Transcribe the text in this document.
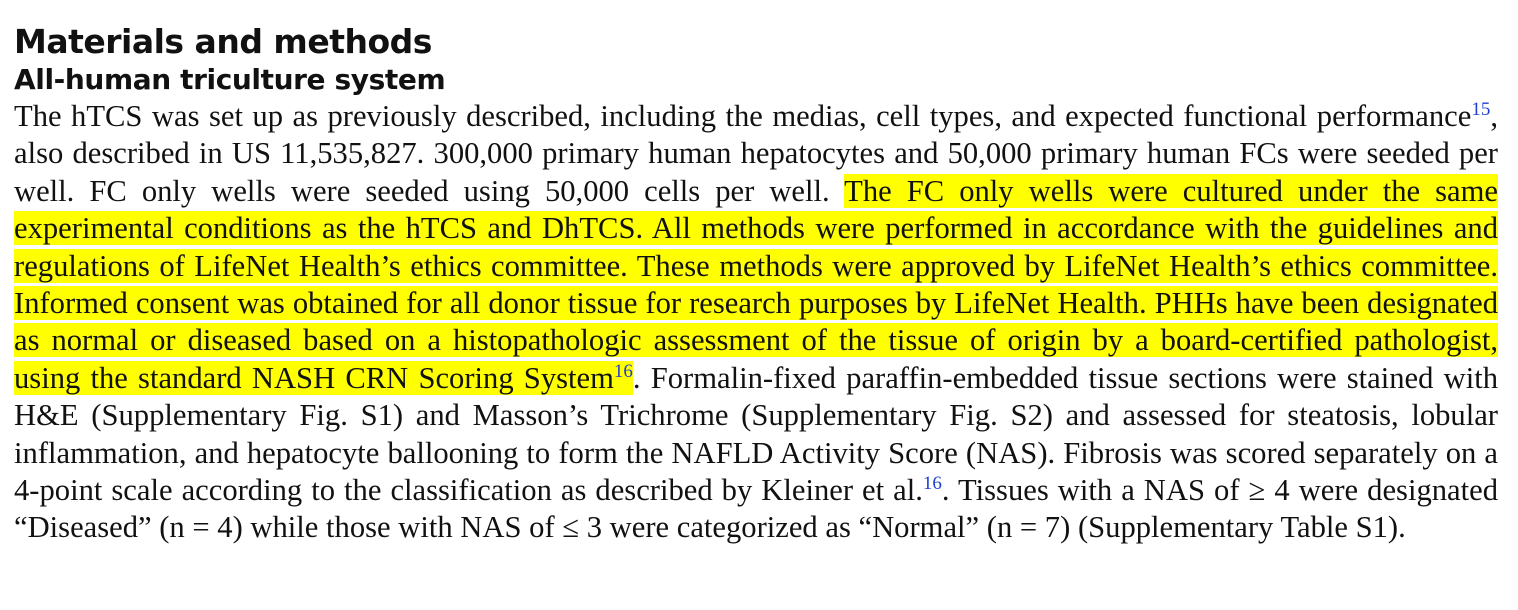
Materials and methods
All-human triculture system

The hTCS was set up as previously described, including the medias, cell types, and expected functional performance$^{15}$, also described in US 11,535,827. 300,000 primary human hepatocytes and 50,000 primary human FCs were seeded per well. FC only wells were seeded using 50,000 cells per well. The FC only wells were cultured under the same experimental conditions as the hTCS and DhTCS. All methods were performed in accordance with the guidelines and regulations of LifeNet Health’s ethics committee. These methods were approved by LifeNet Health’s ethics committee. Informed consent was obtained for all donor tissue for research purposes by LifeNet Health. PHHs have been designated as normal or diseased based on a histopathologic assessment of the tissue of origin by a board-certified pathologist, using the standard NASH CRN Scoring System$^{16}$. Formalin-fixed paraffin-embedded tissue sections were stained with H&E (Supplementary Fig. S1) and Masson’s Trichrome (Supplementary Fig. S2) and assessed for steatosis, lobular inflammation, and hepatocyte ballooning to form the NAFLD Activity Score (NAS). Fibrosis was scored separately on a 4-point scale according to the classification as described by Kleiner et al.$^{16}$. Tissues with a NAS of ≥ 4 were designated “Diseased” (n = 4) while those with NAS of ≤ 3 were categorized as “Normal” (n = 7) (Supplementary Table S1).
